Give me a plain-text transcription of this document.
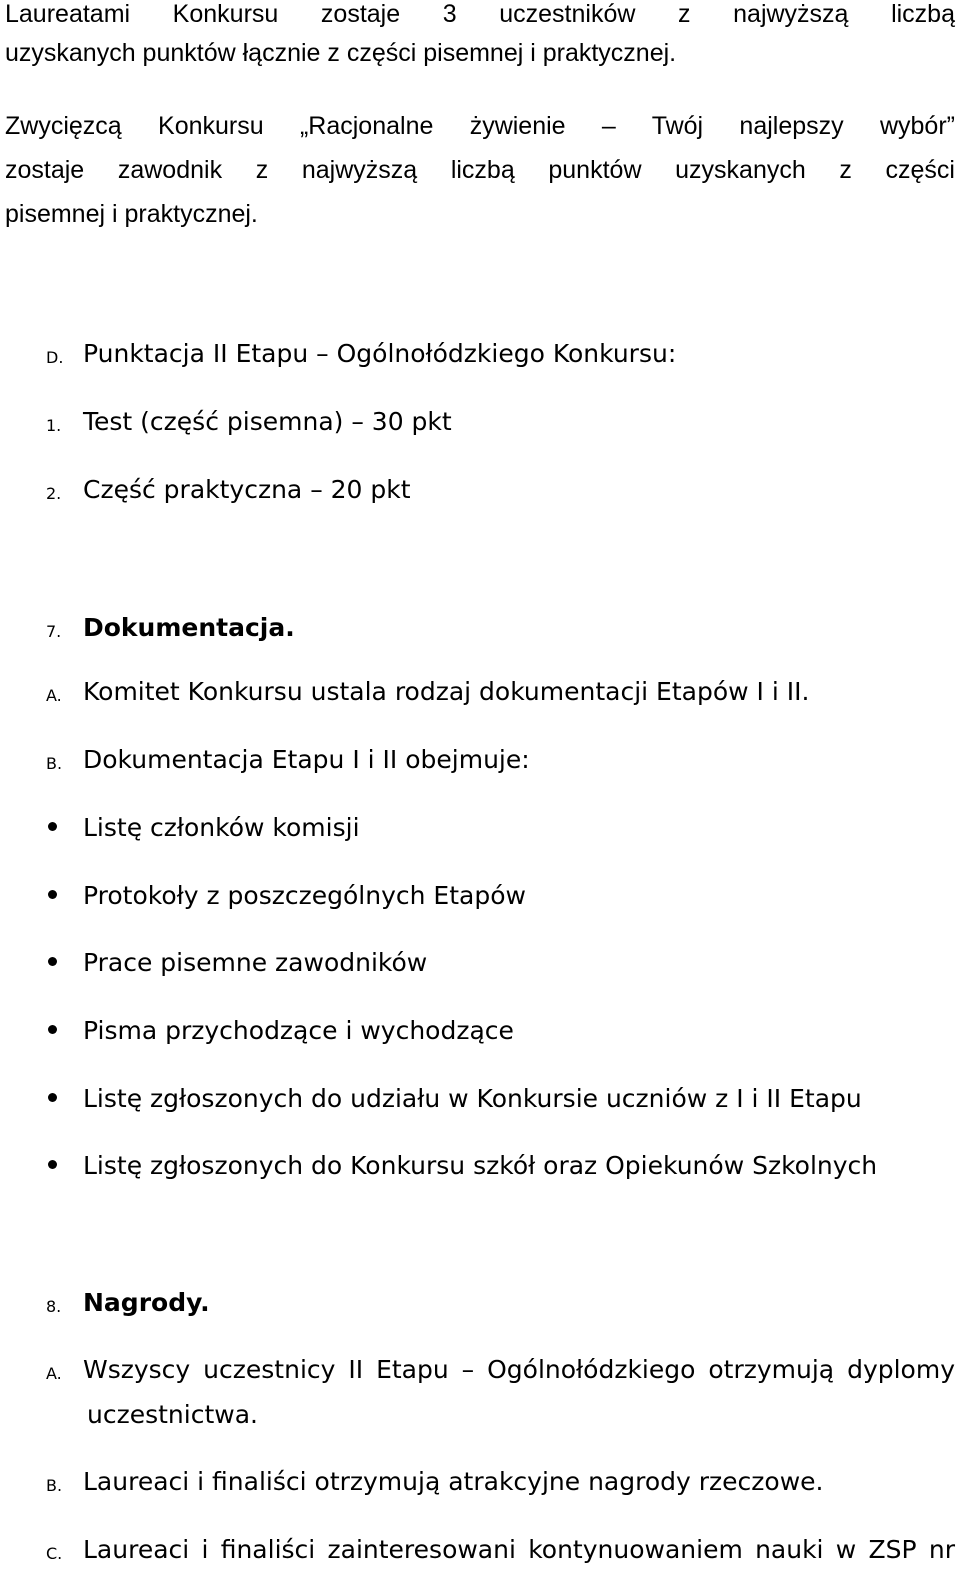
Laureatami Konkursu zostaje 3 uczestników z najwyższą liczbą
uzyskanych punktów łącznie z części pisemnej i praktycznej.
Zwycięzcą Konkursu „Racjonalne żywienie – Twój najlepszy wybór”
zostaje zawodnik z najwyższą liczbą punktów uzyskanych z części
pisemnej i praktycznej.
D. Punktacja II Etapu – Ogólnołódzkiego Konkursu:
1. Test (część pisemna) – 30 pkt
2. Część praktyczna – 20 pkt
7. Dokumentacja.
A. Komitet Konkursu ustala rodzaj dokumentacji Etapów I i II.
B. Dokumentacja Etapu I i II obejmuje:
Listę członków komisji
Protokoły z poszczególnych Etapów
Prace pisemne zawodników
Pisma przychodzące i wychodzące
Listę zgłoszonych do udziału w Konkursie uczniów z I i II Etapu
Listę zgłoszonych do Konkursu szkół oraz Opiekunów Szkolnych
8. Nagrody.
A. Wszyscy uczestnicy II Etapu – Ogólnołódzkiego otrzymują dyplomy
uczestnictwa.
B. Laureaci i finaliści otrzymują atrakcyjne nagrody rzeczowe.
C. Laureaci i finaliści zainteresowani kontynuowaniem nauki w ZSP nr
